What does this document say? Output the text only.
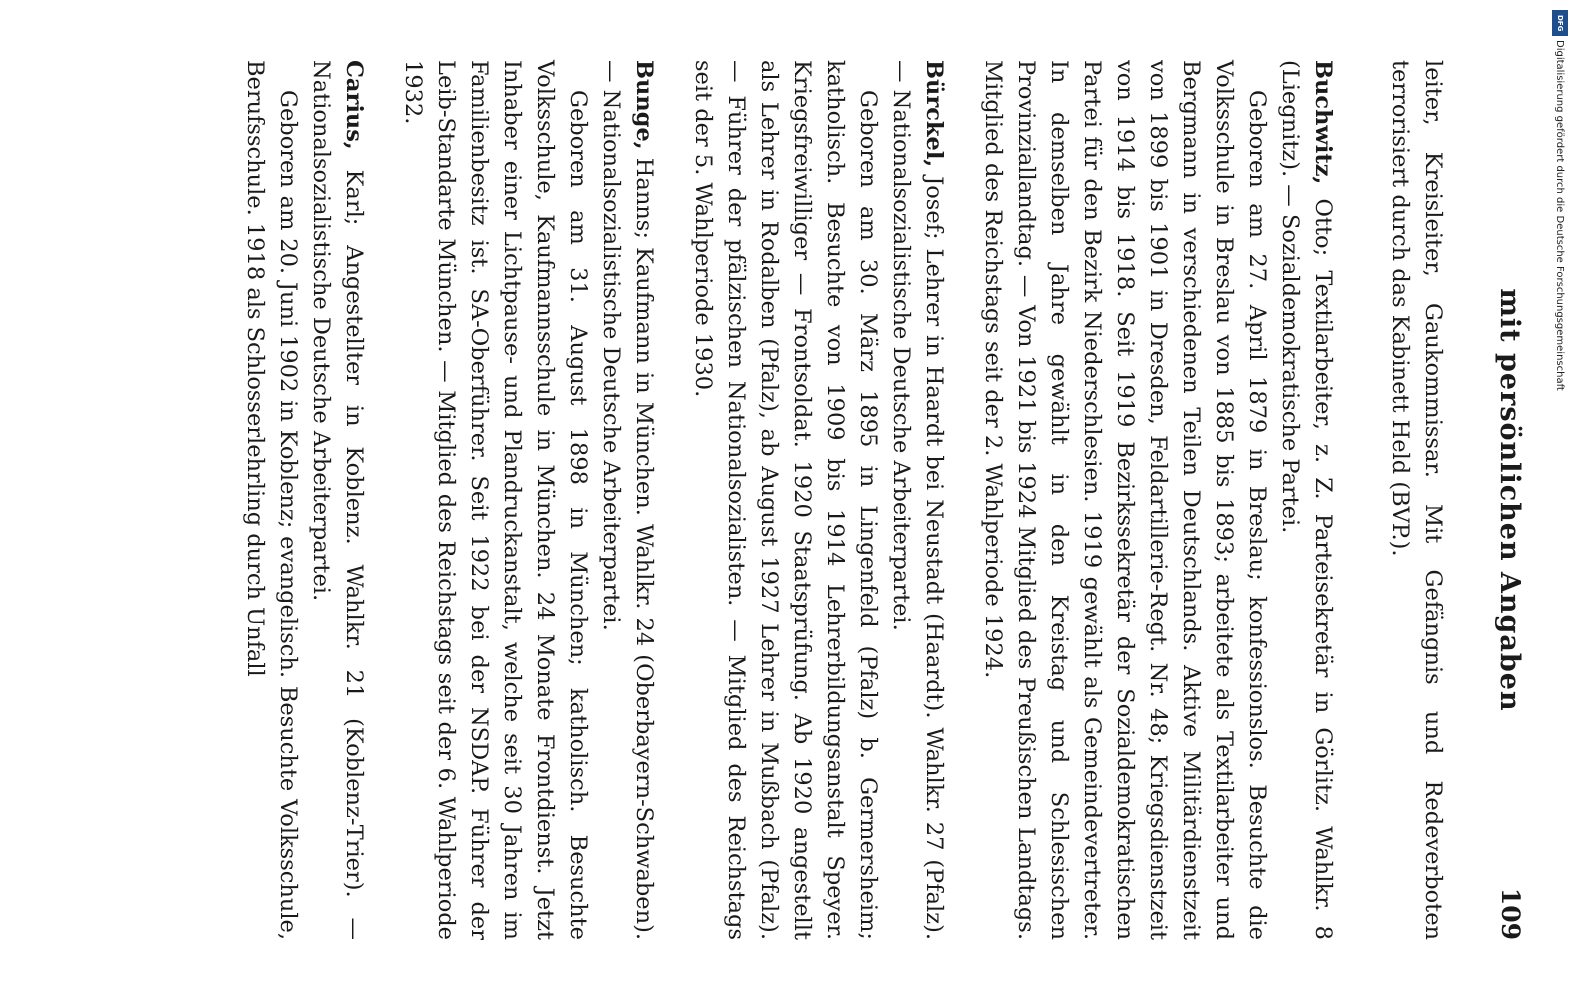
mit persönlichen Angaben
109

leiter, Kreisleiter, Gaukommissar. Mit Gefängnis und Redeverboten terrorisiert durch das Kabinett Held (BVP.).

Buchwitz, Otto; Textilarbeiter, z. Z. Parteisekretär in Görlitz. Wahlkr. 8 (Liegnitz). — Sozialdemokratische Partei.

Geboren am 27. April 1879 in Breslau; konfessionslos. Besuchte die Volksschule in Breslau von 1885 bis 1893; arbeitete als Textilarbeiter und Bergmann in verschiedenen Teilen Deutschlands. Aktive Militärdienstzeit von 1899 bis 1901 in Dresden, Feldartillerie-Regt. Nr. 48; Kriegsdienstzeit von 1914 bis 1918. Seit 1919 Bezirkssekretär der Sozialdemokratischen Partei für den Bezirk Niederschlesien. 1919 gewählt als Gemeindevertreter. In demselben Jahre gewählt in den Kreistag und Schlesischen Provinziallandtag. — Von 1921 bis 1924 Mitglied des Preußischen Landtags. Mitglied des Reichstags seit der 2. Wahlperiode 1924.

Bürckel, Josef; Lehrer in Haardt bei Neustadt (Haardt). Wahlkr. 27 (Pfalz). — Nationalsozialistische Deutsche Arbeiterpartei.

Geboren am 30. März 1895 in Lingenfeld (Pfalz) b. Germersheim; katholisch. Besuchte von 1909 bis 1914 Lehrerbildungsanstalt Speyer. Kriegsfreiwilliger — Frontsoldat. 1920 Staatsprüfung. Ab 1920 angestellt als Lehrer in Rodalben (Pfalz), ab August 1927 Lehrer in Mußbach (Pfalz). — Führer der pfälzischen Nationalsozialisten. — Mitglied des Reichstags seit der 5. Wahlperiode 1930.

Bunge, Hanns; Kaufmann in München. Wahlkr. 24 (Oberbayern-Schwaben). — Nationalsozialistische Deutsche Arbeiterpartei.

Geboren am 31. August 1898 in München; katholisch. Besuchte Volksschule, Kaufmannsschule in München. 24 Monate Frontdienst. Jetzt Inhaber einer Lichtpause- und Plandruckanstalt, welche seit 30 Jahren im Familienbesitz ist. SA-Oberführer. Seit 1922 bei der NSDAP. Führer der Leib-Standarte München. — Mitglied des Reichstags seit der 6. Wahlperiode 1932.

Carius, Karl; Angestellter in Koblenz. Wahlkr. 21 (Koblenz-Trier). — Nationalsozialistische Deutsche Arbeiterpartei.

Geboren am 20. Juni 1902 in Koblenz; evangelisch. Besuchte Volksschule, Berufsschule. 1918 als Schlosserlehrling durch Unfall

DFG
Digitalisierung gefördert durch die Deutsche Forschungsgemeinschaft
